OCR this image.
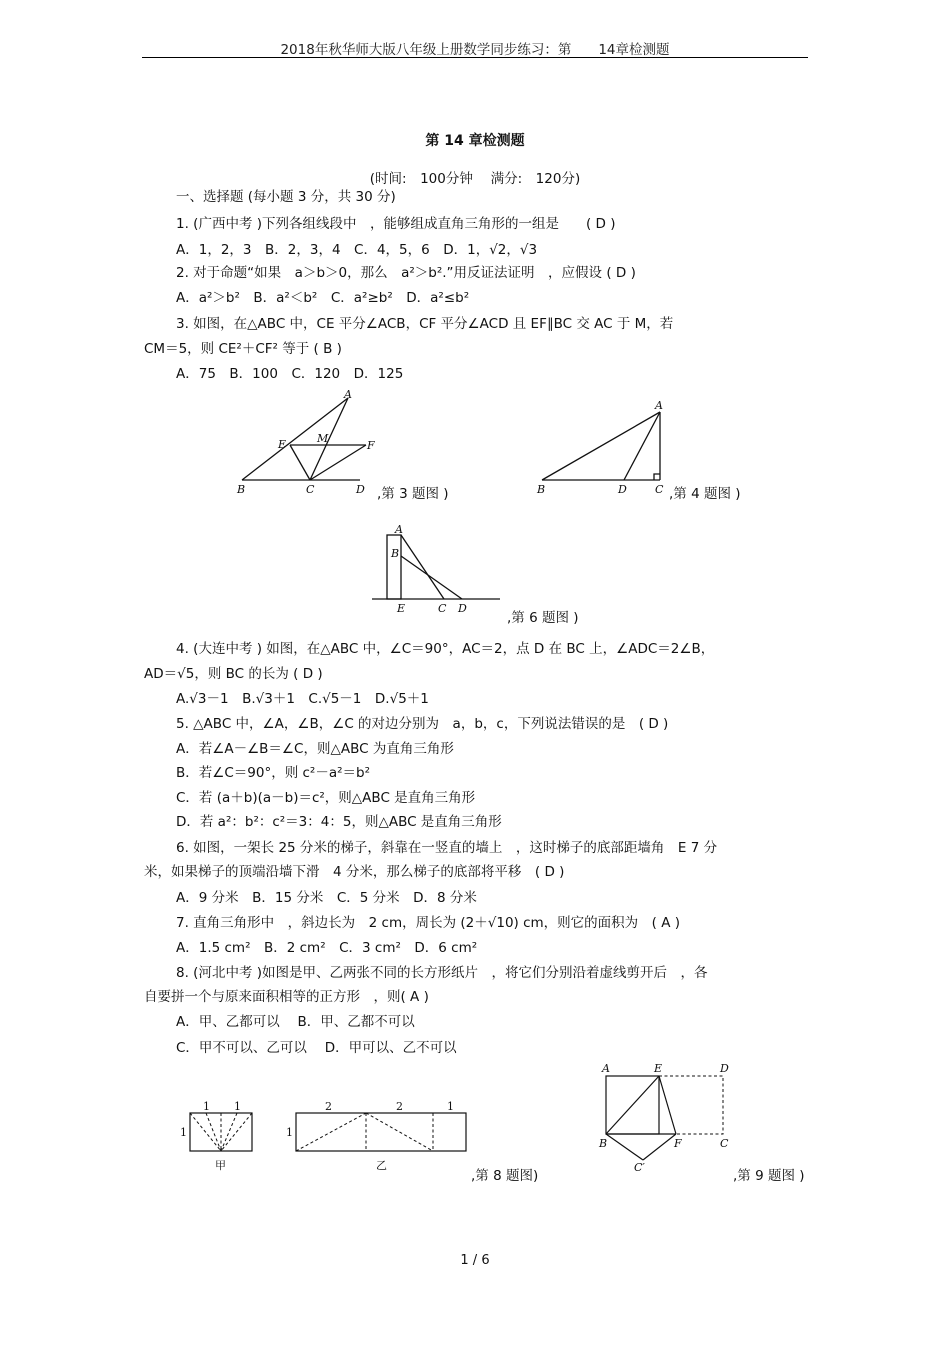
2018年秋华师大版八年级上册数学同步练习：第　　14章检测题
第 14 章检测题
(时间:　100分钟　 满分:　120分)
一、选择题 (每小题 3 分，共 30 分)
1. (广西中考 )下列各组线段中　，能够组成直角三角形的一组是　　( D )
A．1，2，3　B．2，3，4　C．4，5，6　D．1，√2，√3
2. 对于命题“如果　a＞b＞0，那么　a²＞b².”用反证法证明　，应假设 ( D )
A．a²＞b²　B．a²＜b²　C．a²≥b²　D．a²≤b²
3. 如图，在△ABC 中，CE 平分∠ACB，CF 平分∠ACD 且 EF∥BC 交 AC 于 M，若
CM＝5，则 CE²＋CF² 等于 ( B )
A．75　B．100　C．120　D．125
A
E	M
F
B	C	D ,第 3 题图 )
A
B	D	C ,第 4 题图 )
A
B
E	C D
,第 6 题图 )
4. (大连中考 ) 如图，在△ABC 中，∠C＝90°，AC＝2，点 D 在 BC 上，∠ADC＝2∠B，
AD＝√5，则 BC 的长为 ( D )
A.√3－1　B.√3＋1　C.√5－1　D.√5＋1
5. △ABC 中，∠A，∠B，∠C 的对边分别为　a，b，c，下列说法错误的是　( D )
A．若∠A－∠B＝∠C，则△ABC 为直角三角形
B．若∠C＝90°，则 c²－a²＝b²
C．若 (a＋b)(a－b)＝c²，则△ABC 是直角三角形
D．若 a²：b²：c²＝3：4：5，则△ABC 是直角三角形
6. 如图，一架长 25 分米的梯子，斜靠在一竖直的墙上　，这时梯子的底部距墙角　E 7 分
米，如果梯子的顶端沿墙下滑　4 分米，那么梯子的底部将平移　( D )
A．9 分米　B．15 分米　C．5 分米　D．8 分米
7. 直角三角形中　，斜边长为　2 cm，周长为 (2＋√10) cm，则它的面积为　( A )
A．1.5 cm²　B．2 cm²　C．3 cm²　D．6 cm²
8. (河北中考 )如图是甲、乙两张不同的长方形纸片　，将它们分别沿着虚线剪开后　，各
自要拼一个与原来面积相等的正方形　，则( A )
A．甲、乙都可以　 B．甲、乙都不可以
C．甲不可以、乙可以　 D．甲可以、乙不可以
1 1
1
甲
2	2	1
1
乙
,第 8 题图)
A	E	D
B	F	C
C′
,第 9 题图 )
1 / 6
